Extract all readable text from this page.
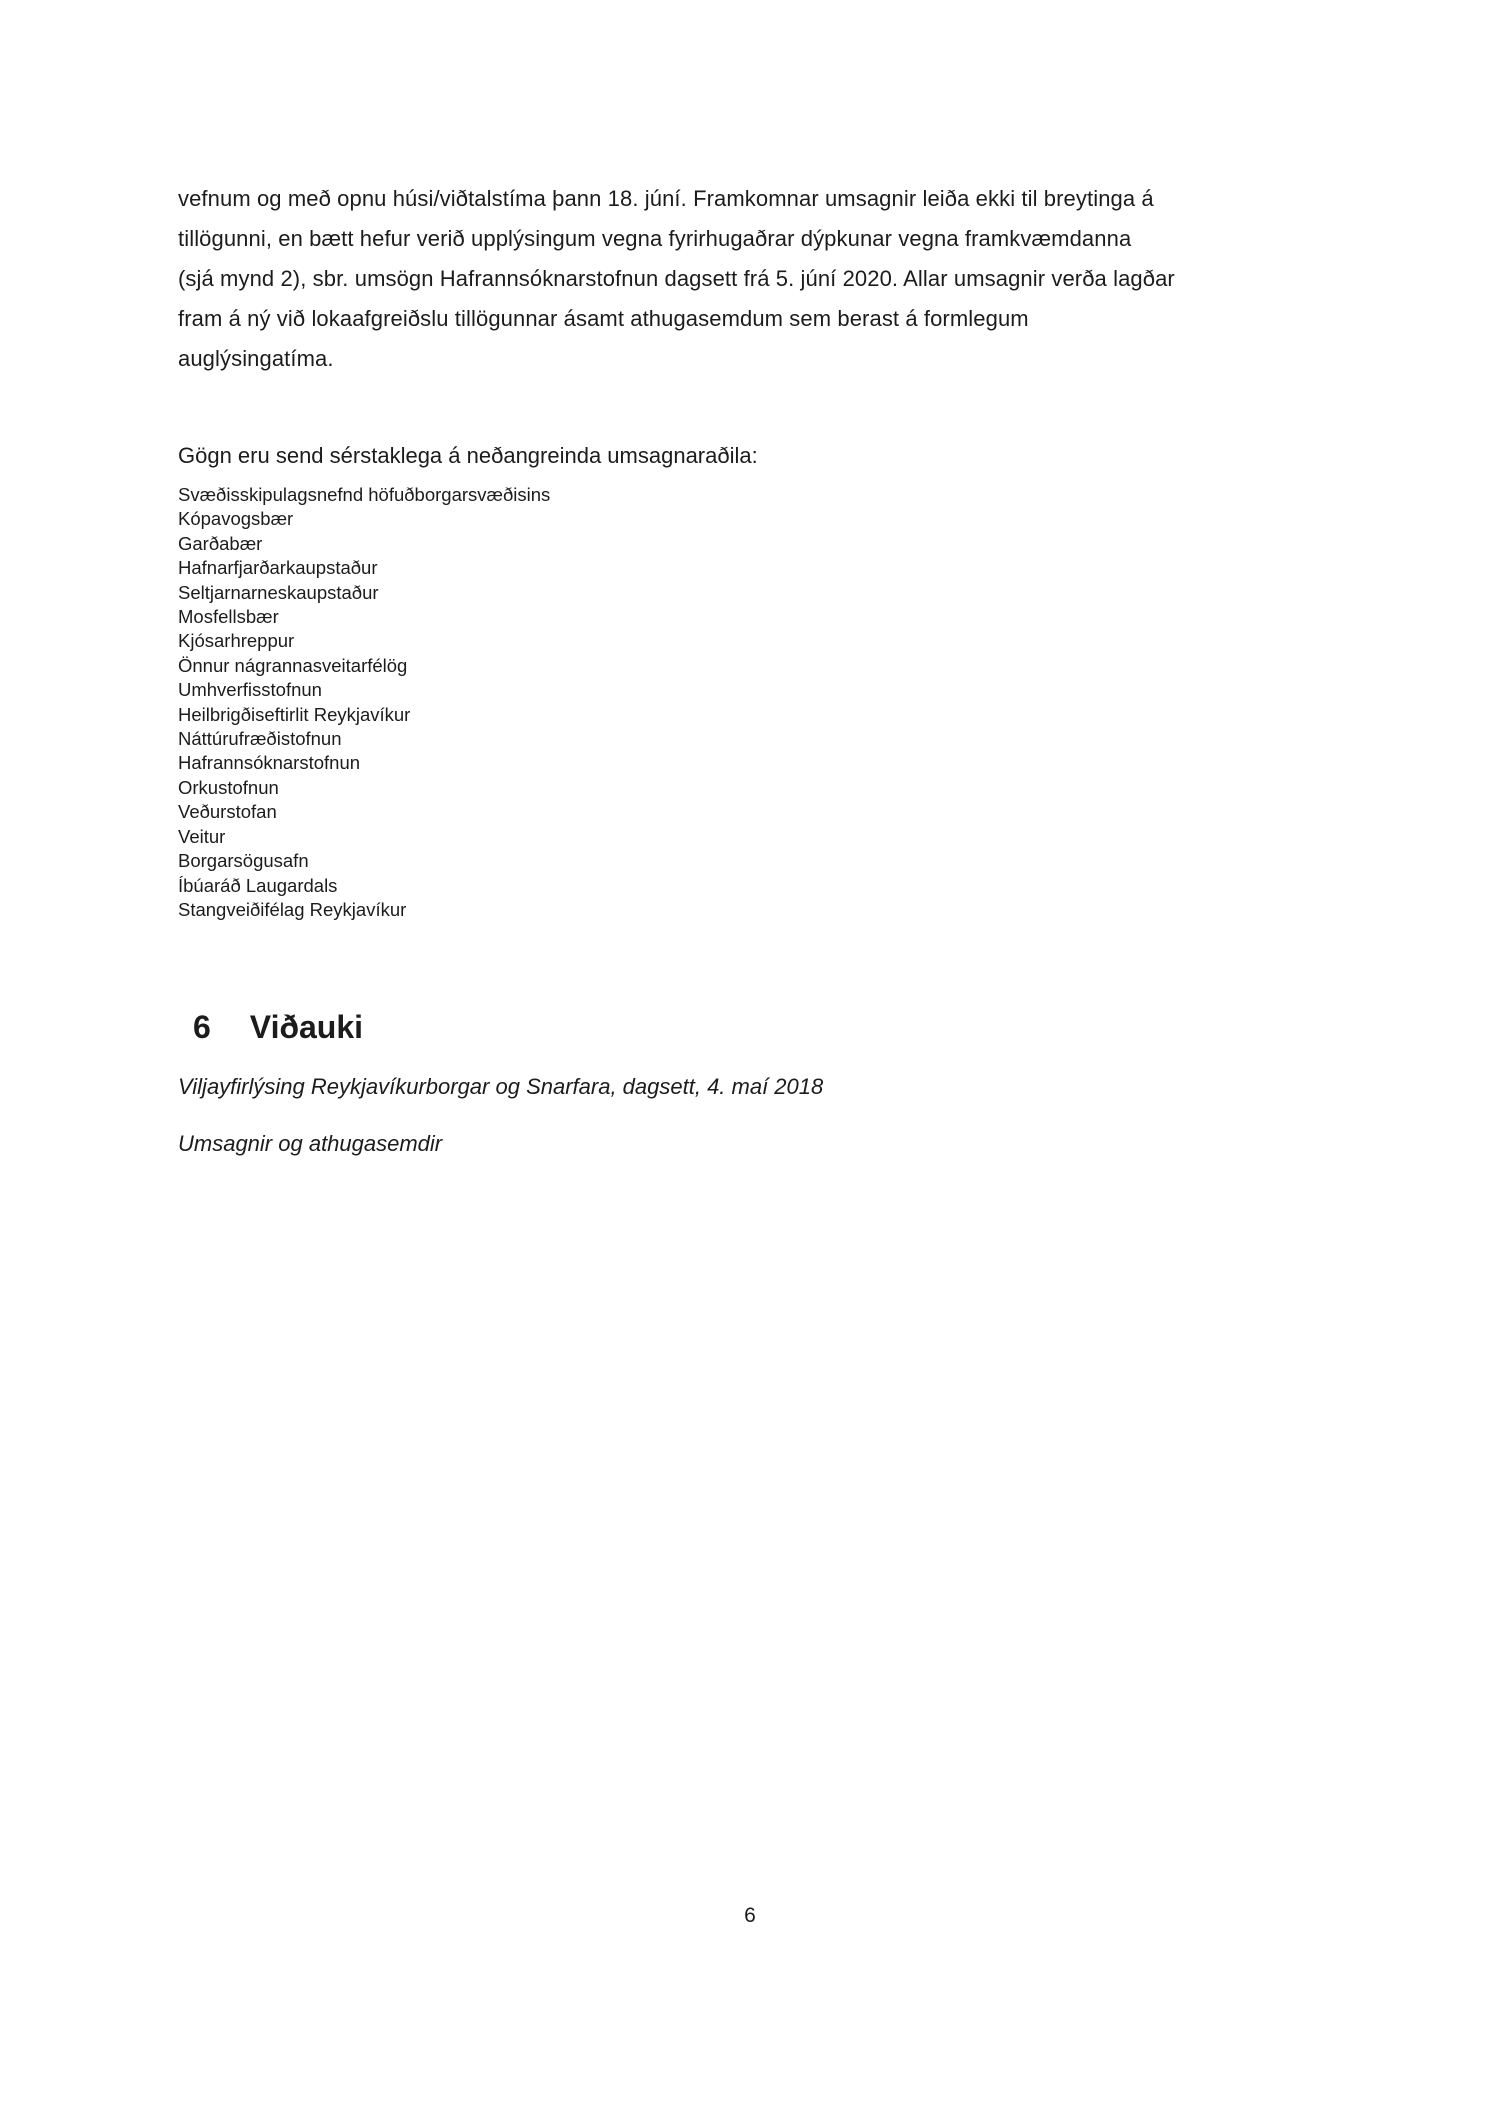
vefnum og með opnu húsi/viðtalstíma þann 18. júní. Framkomnar umsagnir leiða ekki til breytinga á
tillögunni, en bætt hefur verið upplýsingum vegna fyrirhugaðrar dýpkunar vegna framkvæmdanna
(sjá mynd 2), sbr. umsögn Hafrannsóknarstofnun dagsett frá 5. júní 2020. Allar umsagnir verða lagðar
fram á ný við lokaafgreiðslu tillögunnar ásamt athugasemdum sem berast á formlegum
auglýsingatíma.
Gögn eru send sérstaklega á neðangreinda umsagnaraðila:
Svæðisskipulagsnefnd höfuðborgarsvæðisins
Kópavogsbær
Garðabær
Hafnarfjarðarkaupstaður
Seltjarnarneskaupstaður
Mosfellsbær
Kjósarhreppur
Önnur nágrannasveitarfélög
Umhverfisstofnun
Heilbrigðiseftirlit Reykjavíkur
Náttúrufræðistofnun
Hafrannsóknarstofnun
Orkustofnun
Veðurstofan
Veitur
Borgarsögusafn
Íbúaráð Laugardals
Stangveiðifélag Reykjavíkur
6 Viðauki
Viljayfirlýsing Reykjavíkurborgar og Snarfara, dagsett, 4. maí 2018
Umsagnir og athugasemdir
6
